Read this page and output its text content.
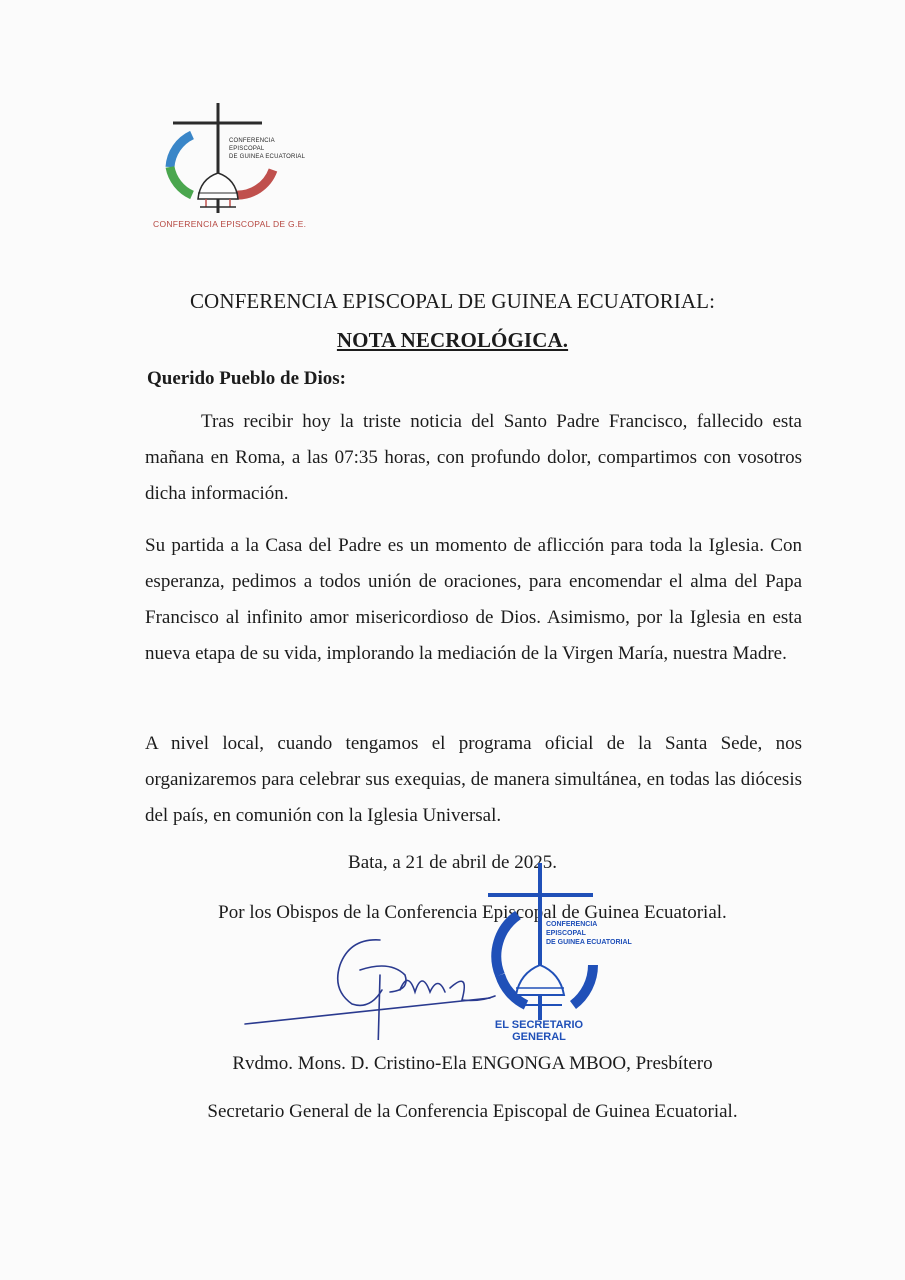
CONFERENCIA
EPISCOPAL
DE GUINEA ECUATORIAL
CONFERENCIA EPISCOPAL DE G.E.
CONFERENCIA EPISCOPAL DE GUINEA ECUATORIAL:
NOTA NECROLÓGICA.
Querido Pueblo de Dios:

Tras recibir hoy la triste noticia del Santo Padre Francisco, fallecido esta mañana en Roma, a las 07:35 horas, con profundo dolor, compartimos con vosotros dicha información.

Su partida a la Casa del Padre es un momento de aflicción para toda la Iglesia. Con esperanza, pedimos a todos unión de oraciones, para encomendar el alma del Papa Francisco al infinito amor misericordioso de Dios. Asimismo, por la Iglesia en esta nueva etapa de su vida, implorando la mediación de la Virgen María, nuestra Madre.

A nivel local, cuando tengamos el programa oficial de la Santa Sede, nos organizaremos para celebrar sus exequias, de manera simultánea, en todas las diócesis del país, en comunión con la Iglesia Universal.

Bata, a 21 de abril de 2025.
Por los Obispos de la Conferencia Episcopal de Guinea Ecuatorial.
CONFERENCIA
EPISCOPAL
DE GUINEA ECUATORIAL
EL SECRETARIO GENERAL
Rvdmo. Mons. D. Cristino-Ela ENGONGA MBOO, Presbítero
Secretario General de la Conferencia Episcopal de Guinea Ecuatorial.
